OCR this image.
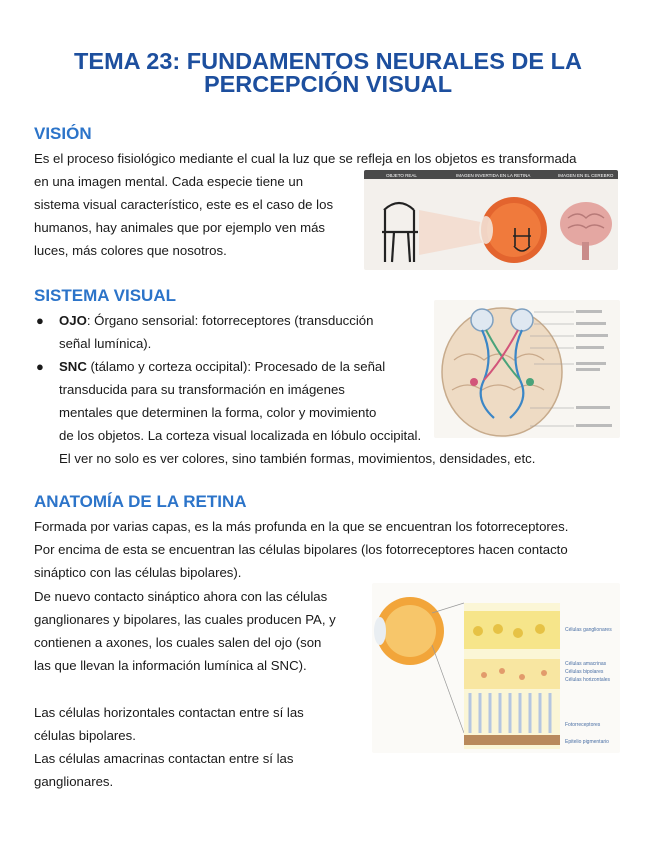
TEMA 23: FUNDAMENTOS NEURALES DE LA PERCEPCIÓN VISUAL
VISIÓN
Es el proceso fisiológico mediante el cual la luz que se refleja en los objetos es transformada
en una imagen mental. Cada especie tiene un
sistema visual característico, este es el caso de los
humanos, hay animales que por ejemplo ven más
luces, más colores que nosotros.
OBJETO REAL	IMAGEN INVERTIDA EN LA RETINA	IMAGEN EN EL CEREBRO
SISTEMA VISUAL
● OJO: Órgano sensorial: fotorreceptores (transducción
señal lumínica).
● SNC (tálamo y corteza occipital): Procesado de la señal
transducida para su transformación en imágenes
mentales que determinen la forma, color y movimiento
de los objetos. La corteza visual localizada en lóbulo occipital.
El ver no solo es ver colores, sino también formas, movimientos, densidades, etc.
ANATOMÍA DE LA RETINA
Formada por varias capas, es la más profunda en la que se encuentran los fotorreceptores.
Por encima de esta se encuentran las células bipolares (los fotorreceptores hacen contacto
sináptico con las células bipolares).
De nuevo contacto sináptico ahora con las células
ganglionares y bipolares, las cuales producen PA, y
contienen a axones, los cuales salen del ojo (son
las que llevan la información lumínica al SNC).
Las células horizontales contactan entre sí las
células bipolares.
Las células amacrinas contactan entre sí las
ganglionares.
Células ganglionares
Células amacrinas
Células bipolares
Células horizontales
Fotorreceptores
Epitelio pigmentario
